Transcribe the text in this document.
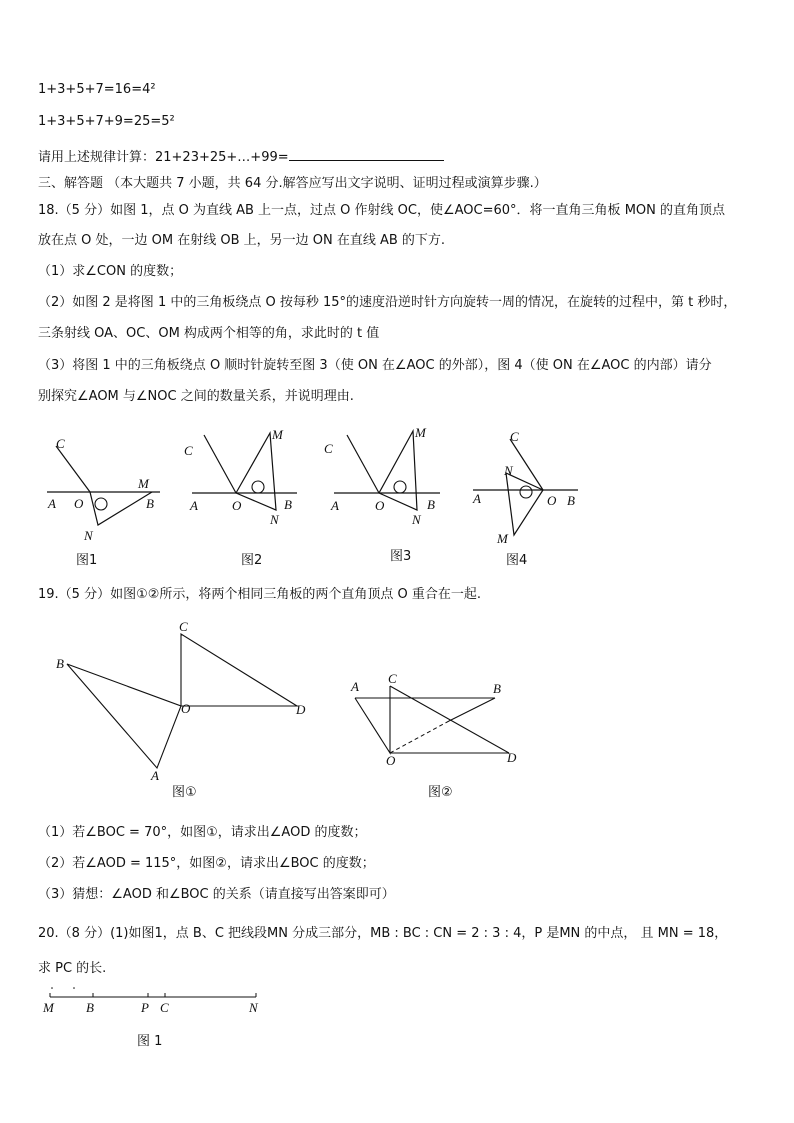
1+3+5+7=16=4²
1+3+5+7+9=25=5²
请用上述规律计算：21+23+25+…+99=
三、解答题 （本大题共 7 小题，共 64 分.解答应写出文字说明、证明过程或演算步骤.）
18.（5 分）如图 1，点 O 为直线 AB 上一点，过点 O 作射线 OC，使∠AOC=60°．将一直角三角板 MON 的直角顶点
放在点 O 处，一边 OM 在射线 OB 上，另一边 ON 在直线 AB 的下方.
（1）求∠CON 的度数；
（2）如图 2 是将图 1 中的三角板绕点 O 按每秒 15°的速度沿逆时针方向旋转一周的情况，在旋转的过程中，第 t 秒时，
三条射线 OA、OC、OM 构成两个相等的角，求此时的 t 值
（3）将图 1 中的三角板绕点 O 顺时针旋转至图 3（使 ON 在∠AOC 的外部），图 4（使 ON 在∠AOC 的内部）请分
别探究∠AOM 与∠NOC 之间的数量关系，并说明理由.
C
A O
M
B
N
图1
C
A	O
M
B
N
图2
C
A	O
M
B
N
图3
C
N
A	O B
M
图4
19.（5 分）如图①②所示，将两个相同三角板的两个直角顶点 O 重合在一起.
B
C
O	D
A
图①
A
C
B
O	D
图②
（1）若∠BOC = 70°，如图①，请求出∠AOD 的度数；
（2）若∠AOD = 115°，如图②，请求出∠BOC 的度数；
（3）猜想：∠AOD 和∠BOC 的关系（请直接写出答案即可）
20.（8 分）(1)如图1，点 B、C 把线段MN 分成三部分，MB : BC : CN = 2 : 3 : 4，P 是MN 的中点， 且 MN = 18，
求 PC 的长.
M B	P C	N
图 1
